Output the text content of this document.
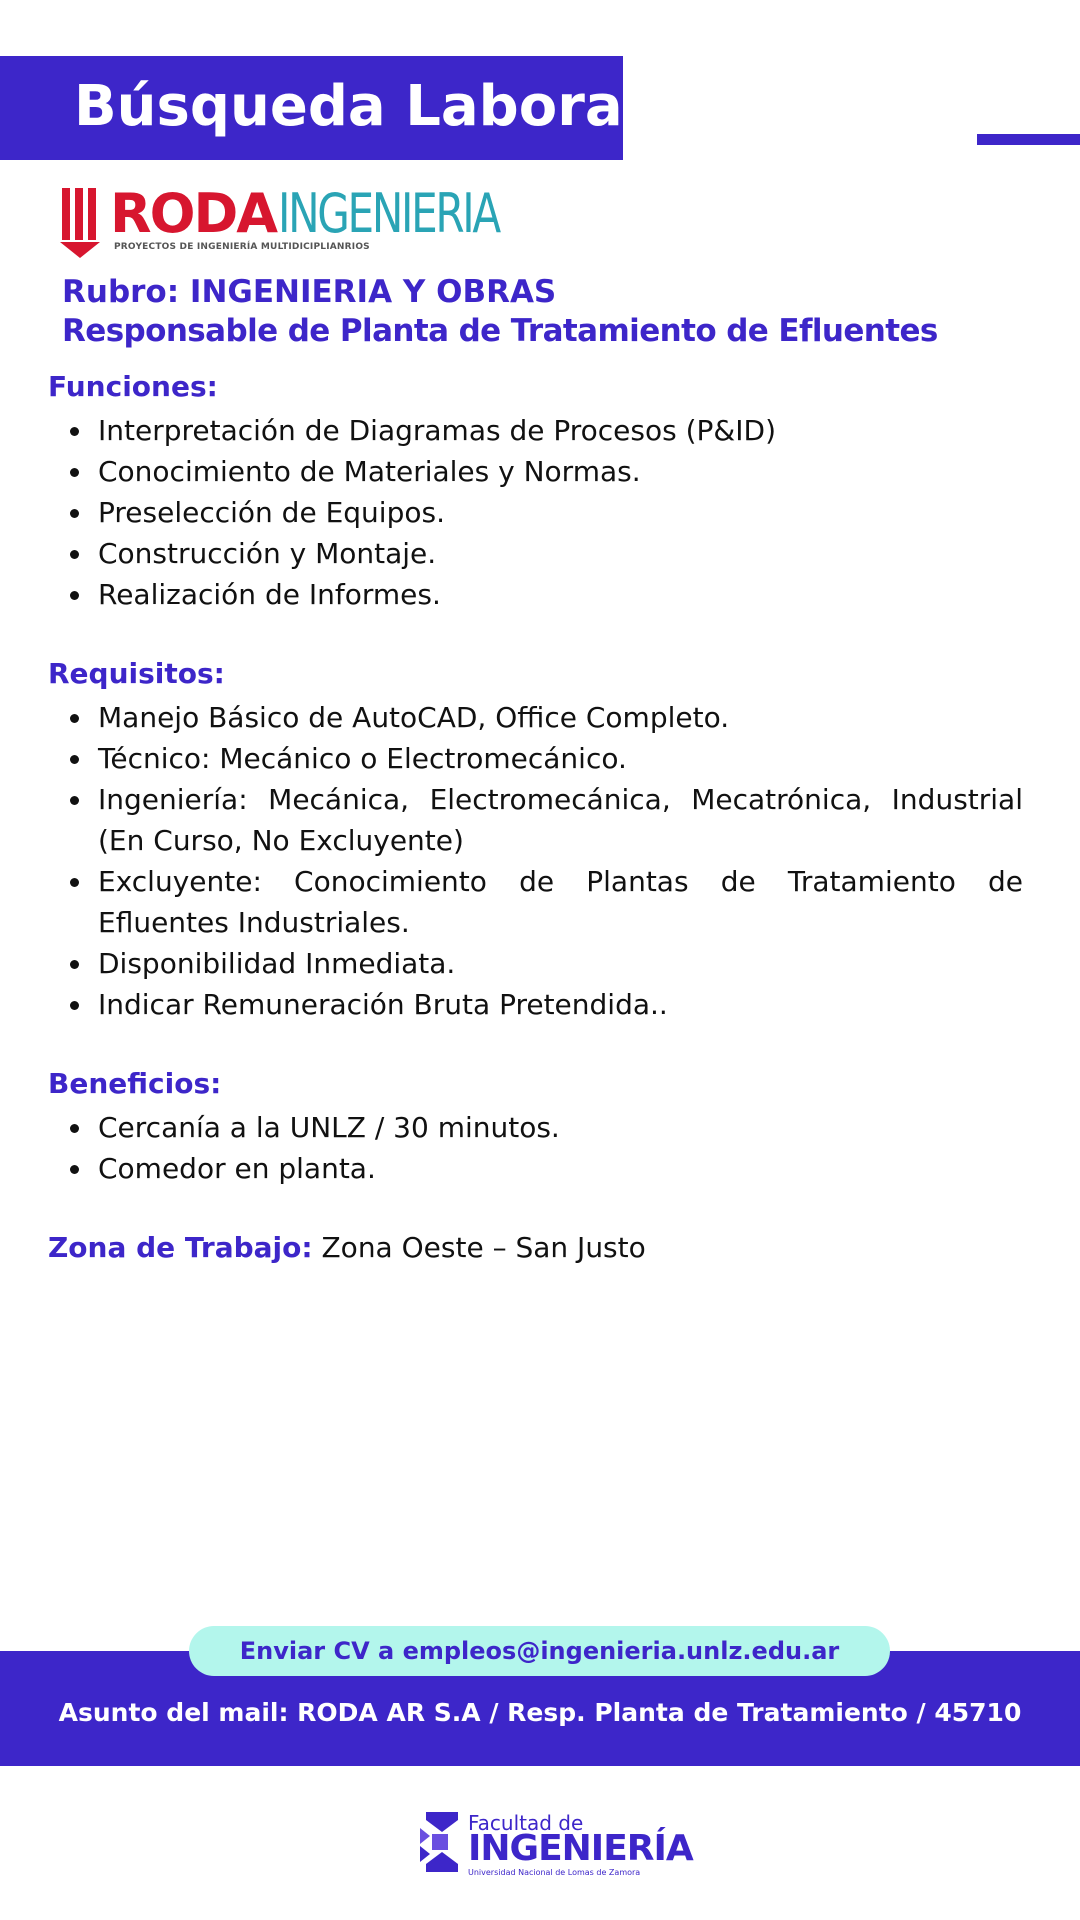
Búsqueda Laboral
RODA INGENIERIA
PROYECTOS DE INGENIERÍA MULTIDICIPLIANRIOS
Rubro: INGENIERIA Y OBRAS
Responsable de Planta de Tratamiento de Efluentes
Funciones:
Interpretación de Diagramas de Procesos (P&ID)
Conocimiento de Materiales y Normas.
Preselección de Equipos.
Construcción y Montaje.
Realización de Informes.
Requisitos:
Manejo Básico de AutoCAD, Office Completo.
Técnico: Mecánico o Electromecánico.
Ingeniería: Mecánica, Electromecánica, Mecatrónica, Industrial (En Curso, No Excluyente)
Excluyente: Conocimiento de Plantas de Tratamiento de Efluentes Industriales.
Disponibilidad Inmediata.
Indicar Remuneración Bruta Pretendida..
Beneficios:
Cercanía a la UNLZ / 30 minutos.
Comedor en planta.
Zona de Trabajo: Zona Oeste – San Justo
Enviar CV a empleos@ingenieria.unlz.edu.ar
Asunto del mail: RODA AR S.A / Resp. Planta de Tratamiento / 45710
Facultad de
INGENIERÍA
Universidad Nacional de Lomas de Zamora
